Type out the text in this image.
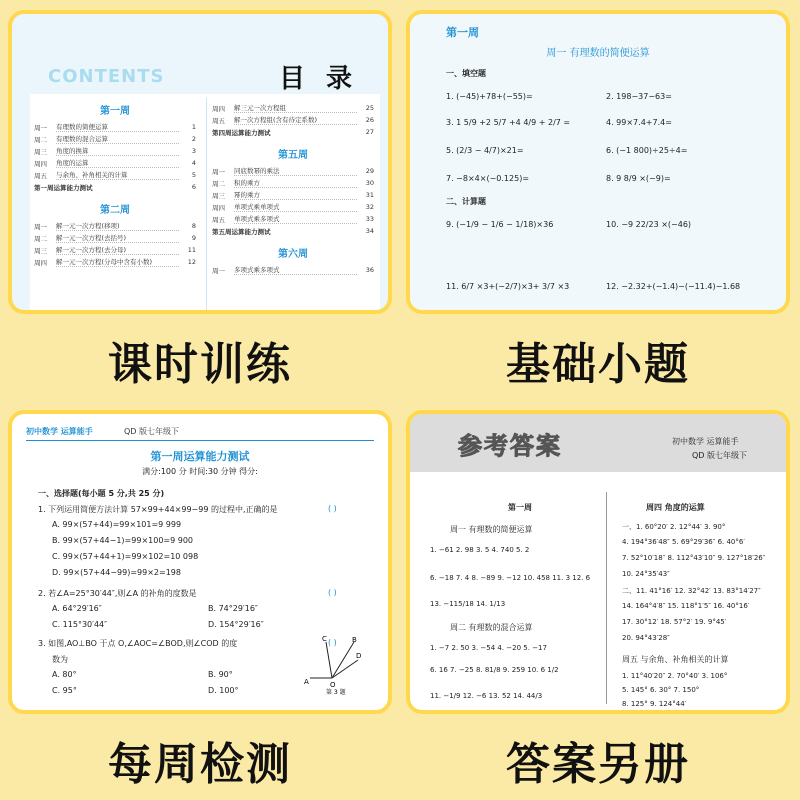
CONTENTS	目 录
第一周
周一	有理数的简便运算	1
周二	有理数的混合运算	2
周三	角度的换算	3
周四	角度的运算	4
周五	与余角、补角相关的计算	5
第一周运算能力测试	6
第二周
周一	解一元一次方程(移项)	8
周二	解一元一次方程(去括号)	9
周三	解一元一次方程(去分母)	11
周四	解一元一次方程(分母中含有小数)	12
周四	解三元一次方程组	25
周五	解一次方程组(含有待定系数)	26
第四周运算能力测试	27
第五周
周一	同底数幂的乘法	29
周二	积的乘方	30
周三	幂的乘方	31
周四	单项式乘单项式	32
周五	单项式乘多项式	33
第五周运算能力测试	34
第六周
周一	多项式乘多项式	36
课时训练
第一周
周一 有理数的简便运算
一、填空题
1. (−45)+78+(−55)=	2. 198−37−63=
3. 1 5/9 +2 5/7 +4 4/9 + 2/7 =	4. 99×7.4+7.4=
5. (2/3 − 4/7)×21=	6. (−1 800)÷25÷4=
7. −8×4×(−0.125)=	8. 9 8/9 ×(−9)=
二、计算题
9. (−1/9 − 1/6 − 1/18)×36	10. −9 22/23 ×(−46)
11. 6/7 ×3+(−2/7)×3+ 3/7 ×3	12. −2.32+(−1.4)−(−11.4)−1.68
基础小题
初中数学 运算能手	QD 版七年级下
第一周运算能力测试
满分:100 分 时间:30 分钟 得分:
一、选择题(每小题 5 分,共 25 分)
1. 下列运用简便方法计算 57×99+44×99−99 的过程中,正确的是	( )
A. 99×(57+44)=99×101=9 999
B. 99×(57+44−1)=99×100=9 900
C. 99×(57+44+1)=99×102=10 098
D. 99×(57+44−99)=99×2=198
2. 若∠A=25°30′44″,则∠A 的补角的度数是	( )
A. 64°29′16″	B. 74°29′16″
C. 115°30′44″	D. 154°29′16″
3. 如图,AO⊥BO 于点 O,∠AOC=∠BOD,则∠COD 的度	( )
数为
A. 80°	B. 90°
C. 95°	D. 100°
A
B
C
D
O
第 3 题
每周检测
参考答案	初中数学 运算能手
QD 版七年级下
第一周
周一 有理数的简便运算
1. −61 2. 98 3. 5 4. 740 5. 2
6. −18 7. 4 8. −89 9. −12 10. 458 11. 3 12. 6
13. −115/18 14. 1/13
周二 有理数的混合运算
1. −7 2. 50 3. −54 4. −20 5. −17
6. 16 7. −25 8. 81/8 9. 259 10. 6 1/2
11. −1/9 12. −6 13. 52 14. 44/3
周四 角度的运算
一、1. 60°20′ 2. 12°44′ 3. 90°
4. 194°36′48″ 5. 69°29′36″ 6. 40°6′
7. 52°10′18″ 8. 112°43′10″ 9. 127°18′26″
10. 24°35′43″
二、11. 41°16′ 12. 32°42′ 13. 83°14′27″
14. 164°4′8″ 15. 118°1′5″ 16. 40°16′
17. 30°12′ 18. 57°2′ 19. 9°45′
20. 94°43′28″
周五 与余角、补角相关的计算
1. 11°40′20″ 2. 70°40′ 3. 106°
5. 145° 6. 30° 7. 150°
8. 125° 9. 124°44′
答案另册
